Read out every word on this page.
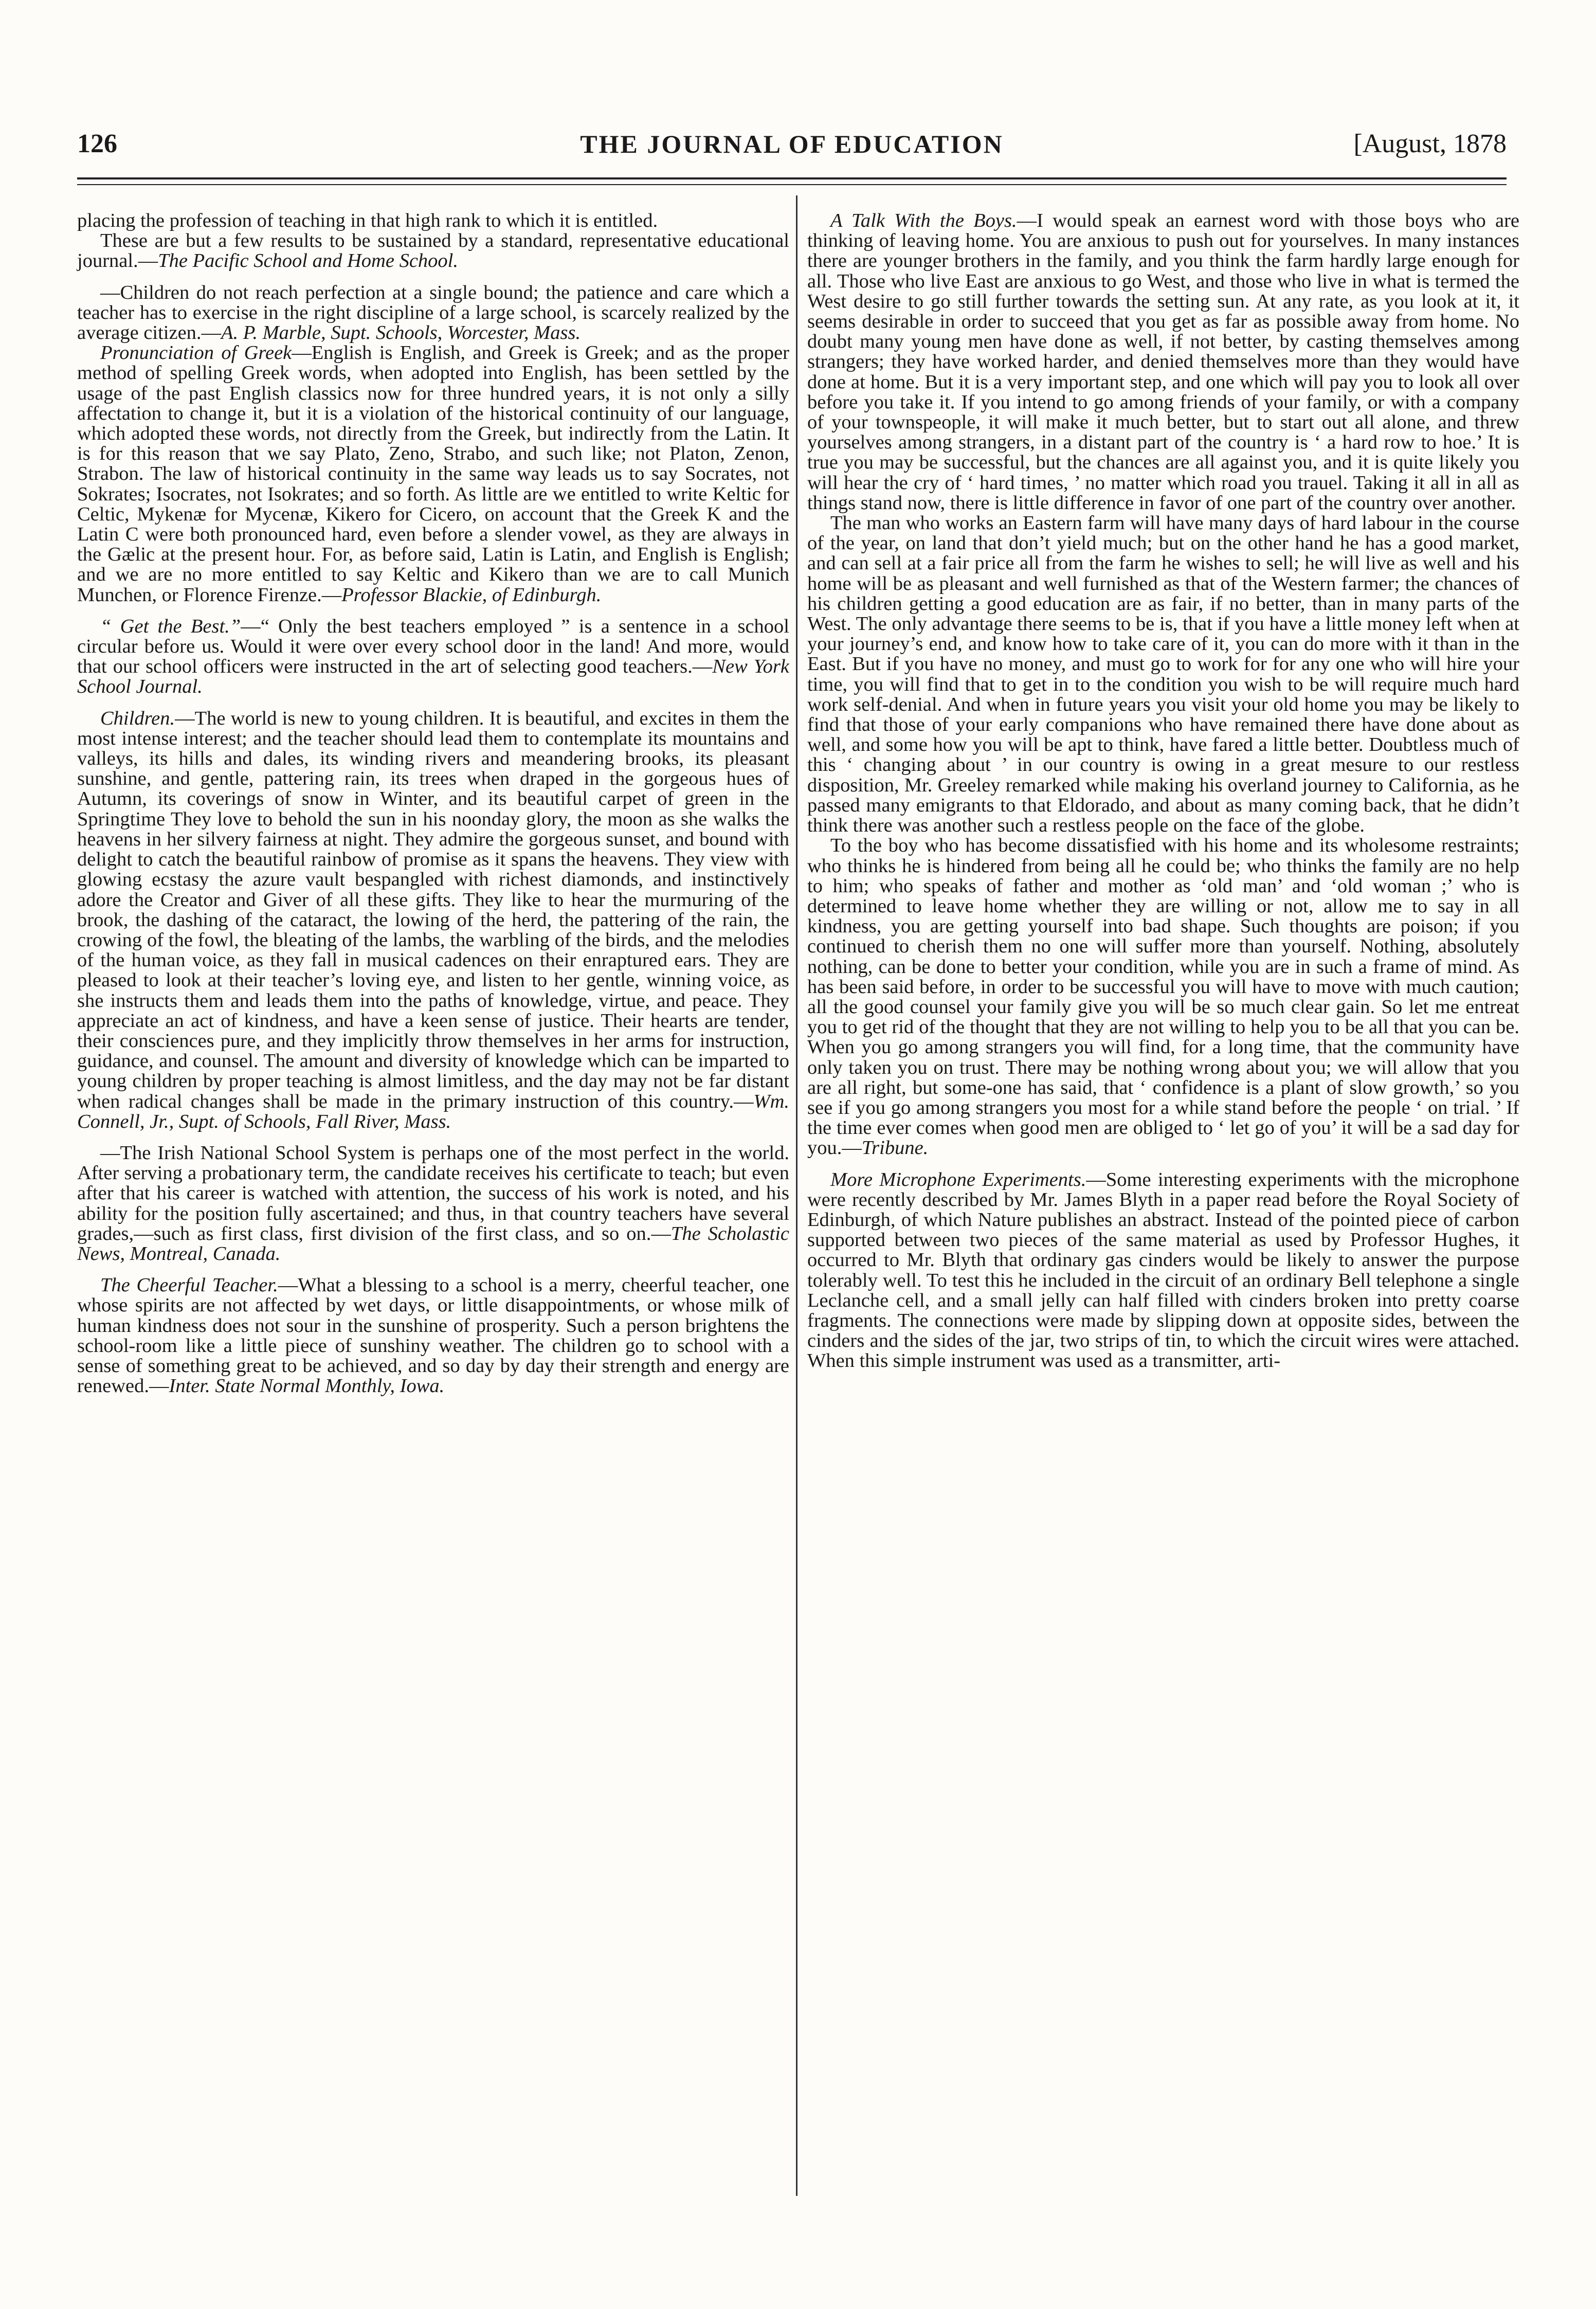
126	THE JOURNAL OF EDUCATION	[August, 1878

placing the profession of teaching in that high rank to which it is entitled.

These are but a few results to be sustained by a standard, representative educational journal.—The Pacific School and Home School.

—Children do not reach perfection at a single bound; the patience and care which a teacher has to exercise in the right discipline of a large school, is scarcely realized by the average citizen.—A. P. Marble, Supt. Schools, Worcester, Mass.

Pronunciation of Greek—English is English, and Greek is Greek; and as the proper method of spelling Greek words, when adopted into English, has been settled by the usage of the past English classics now for three hundred years, it is not only a silly affectation to change it, but it is a violation of the historical continuity of our language, which adopted these words, not directly from the Greek, but indirectly from the Latin. It is for this reason that we say Plato, Zeno, Strabo, and such like; not Platon, Zenon, Strabon. The law of historical continuity in the same way leads us to say Socrates, not Sokrates; Isocrates, not Isokrates; and so forth. As little are we entitled to write Keltic for Celtic, Mykenæ for Mycenæ, Kikero for Cicero, on account that the Greek K and the Latin C were both pronounced hard, even before a slender vowel, as they are always in the Gælic at the present hour. For, as before said, Latin is Latin, and English is English; and we are no more entitled to say Keltic and Kikero than we are to call Munich Munchen, or Florence Firenze.—Professor Blackie, of Edinburgh.

“ Get the Best.”—“ Only the best teachers employed ” is a sentence in a school circular before us. Would it were over every school door in the land! And more, would that our school officers were instructed in the art of selecting good teachers.—New York School Journal.

Children.—The world is new to young children. It is beautiful, and excites in them the most intense interest; and the teacher should lead them to contemplate its mountains and valleys, its hills and dales, its winding rivers and meandering brooks, its pleasant sunshine, and gentle, pattering rain, its trees when draped in the gorgeous hues of Autumn, its coverings of snow in Winter, and its beautiful carpet of green in the Springtime They love to behold the sun in his noonday glory, the moon as she walks the heavens in her silvery fairness at night. They admire the gorgeous sunset, and bound with delight to catch the beautiful rainbow of promise as it spans the heavens. They view with glowing ecstasy the azure vault bespangled with richest diamonds, and instinctively adore the Creator and Giver of all these gifts. They like to hear the murmuring of the brook, the dashing of the cataract, the lowing of the herd, the pattering of the rain, the crowing of the fowl, the bleating of the lambs, the warbling of the birds, and the melodies of the human voice, as they fall in musical cadences on their enraptured ears. They are pleased to look at their teacher’s loving eye, and listen to her gentle, winning voice, as she instructs them and leads them into the paths of knowledge, virtue, and peace. They appreciate an act of kindness, and have a keen sense of justice. Their hearts are tender, their consciences pure, and they implicitly throw themselves in her arms for instruction, guidance, and counsel. The amount and diversity of knowledge which can be imparted to young children by proper teaching is almost limitless, and the day may not be far distant when radical changes shall be made in the primary instruction of this country.—Wm. Connell, Jr., Supt. of Schools, Fall River, Mass.

—The Irish National School System is perhaps one of the most perfect in the world. After serving a probationary term, the candidate receives his certificate to teach; but even after that his career is watched with attention, the success of his work is noted, and his ability for the position fully ascertained; and thus, in that country teachers have several grades,—such as first class, first division of the first class, and so on.—The Scholastic News, Montreal, Canada.

The Cheerful Teacher.—What a blessing to a school is a merry, cheerful teacher, one whose spirits are not affected by wet days, or little disappointments, or whose milk of human kindness does not sour in the sunshine of prosperity. Such a person brightens the school-room like a little piece of sunshiny weather. The children go to school with a sense of something great to be achieved, and so day by day their strength and energy are renewed.—Inter. State Normal Monthly, Iowa.

A Talk With the Boys.—I would speak an earnest word with those boys who are thinking of leaving home. You are anxious to push out for yourselves. In many instances there are younger brothers in the family, and you think the farm hardly large enough for all. Those who live East are anxious to go West, and those who live in what is termed the West desire to go still further towards the setting sun. At any rate, as you look at it, it seems desirable in order to succeed that you get as far as possible away from home. No doubt many young men have done as well, if not better, by casting themselves among strangers; they have worked harder, and denied themselves more than they would have done at home. But it is a very important step, and one which will pay you to look all over before you take it. If you intend to go among friends of your family, or with a company of your townspeople, it will make it much better, but to start out all alone, and threw yourselves among strangers, in a distant part of the country is ‘ a hard row to hoe.’ It is true you may be successful, but the chances are all against you, and it is quite likely you will hear the cry of ‘ hard times, ’ no matter which road you trauel. Taking it all in all as things stand now, there is little difference in favor of one part of the country over another.

The man who works an Eastern farm will have many days of hard labour in the course of the year, on land that don’t yield much; but on the other hand he has a good market, and can sell at a fair price all from the farm he wishes to sell; he will live as well and his home will be as pleasant and well furnished as that of the Western farmer; the chances of his children getting a good education are as fair, if no better, than in many parts of the West. The only advantage there seems to be is, that if you have a little money left when at your journey’s end, and know how to take care of it, you can do more with it than in the East. But if you have no money, and must go to work for for any one who will hire your time, you will find that to get in to the condition you wish to be will require much hard work self-denial. And when in future years you visit your old home you may be likely to find that those of your early companions who have remained there have done about as well, and some how you will be apt to think, have fared a little better. Doubtless much of this ‘ changing about ’ in our country is owing in a great mesure to our restless disposition, Mr. Greeley remarked while making his overland journey to California, as he passed many emigrants to that Eldorado, and about as many coming back, that he didn’t think there was another such a restless people on the face of the globe.

To the boy who has become dissatisfied with his home and its wholesome restraints; who thinks he is hindered from being all he could be; who thinks the family are no help to him; who speaks of father and mother as ‘old man’ and ‘old woman ;’ who is determined to leave home whether they are willing or not, allow me to say in all kindness, you are getting yourself into bad shape. Such thoughts are poison; if you continued to cherish them no one will suffer more than yourself. Nothing, absolutely nothing, can be done to better your condition, while you are in such a frame of mind. As has been said before, in order to be successful you will have to move with much caution; all the good counsel your family give you will be so much clear gain. So let me entreat you to get rid of the thought that they are not willing to help you to be all that you can be. When you go among strangers you will find, for a long time, that the community have only taken you on trust. There may be nothing wrong about you; we will allow that you are all right, but some-one has said, that ‘ confidence is a plant of slow growth,’ so you see if you go among strangers you most for a while stand before the people ‘ on trial. ’ If the time ever comes when good men are obliged to ‘ let go of you’ it will be a sad day for you.—Tribune.

More Microphone Experiments.—Some interesting experiments with the microphone were recently described by Mr. James Blyth in a paper read before the Royal Society of Edinburgh, of which Nature publishes an abstract. Instead of the pointed piece of carbon supported between two pieces of the same material as used by Professor Hughes, it occurred to Mr. Blyth that ordinary gas cinders would be likely to answer the purpose tolerably well. To test this he included in the circuit of an ordinary Bell telephone a single Leclanche cell, and a small jelly can half filled with cinders broken into pretty coarse fragments. The connections were made by slipping down at opposite sides, between the cinders and the sides of the jar, two strips of tin, to which the circuit wires were attached. When this simple instrument was used as a transmitter, arti-
